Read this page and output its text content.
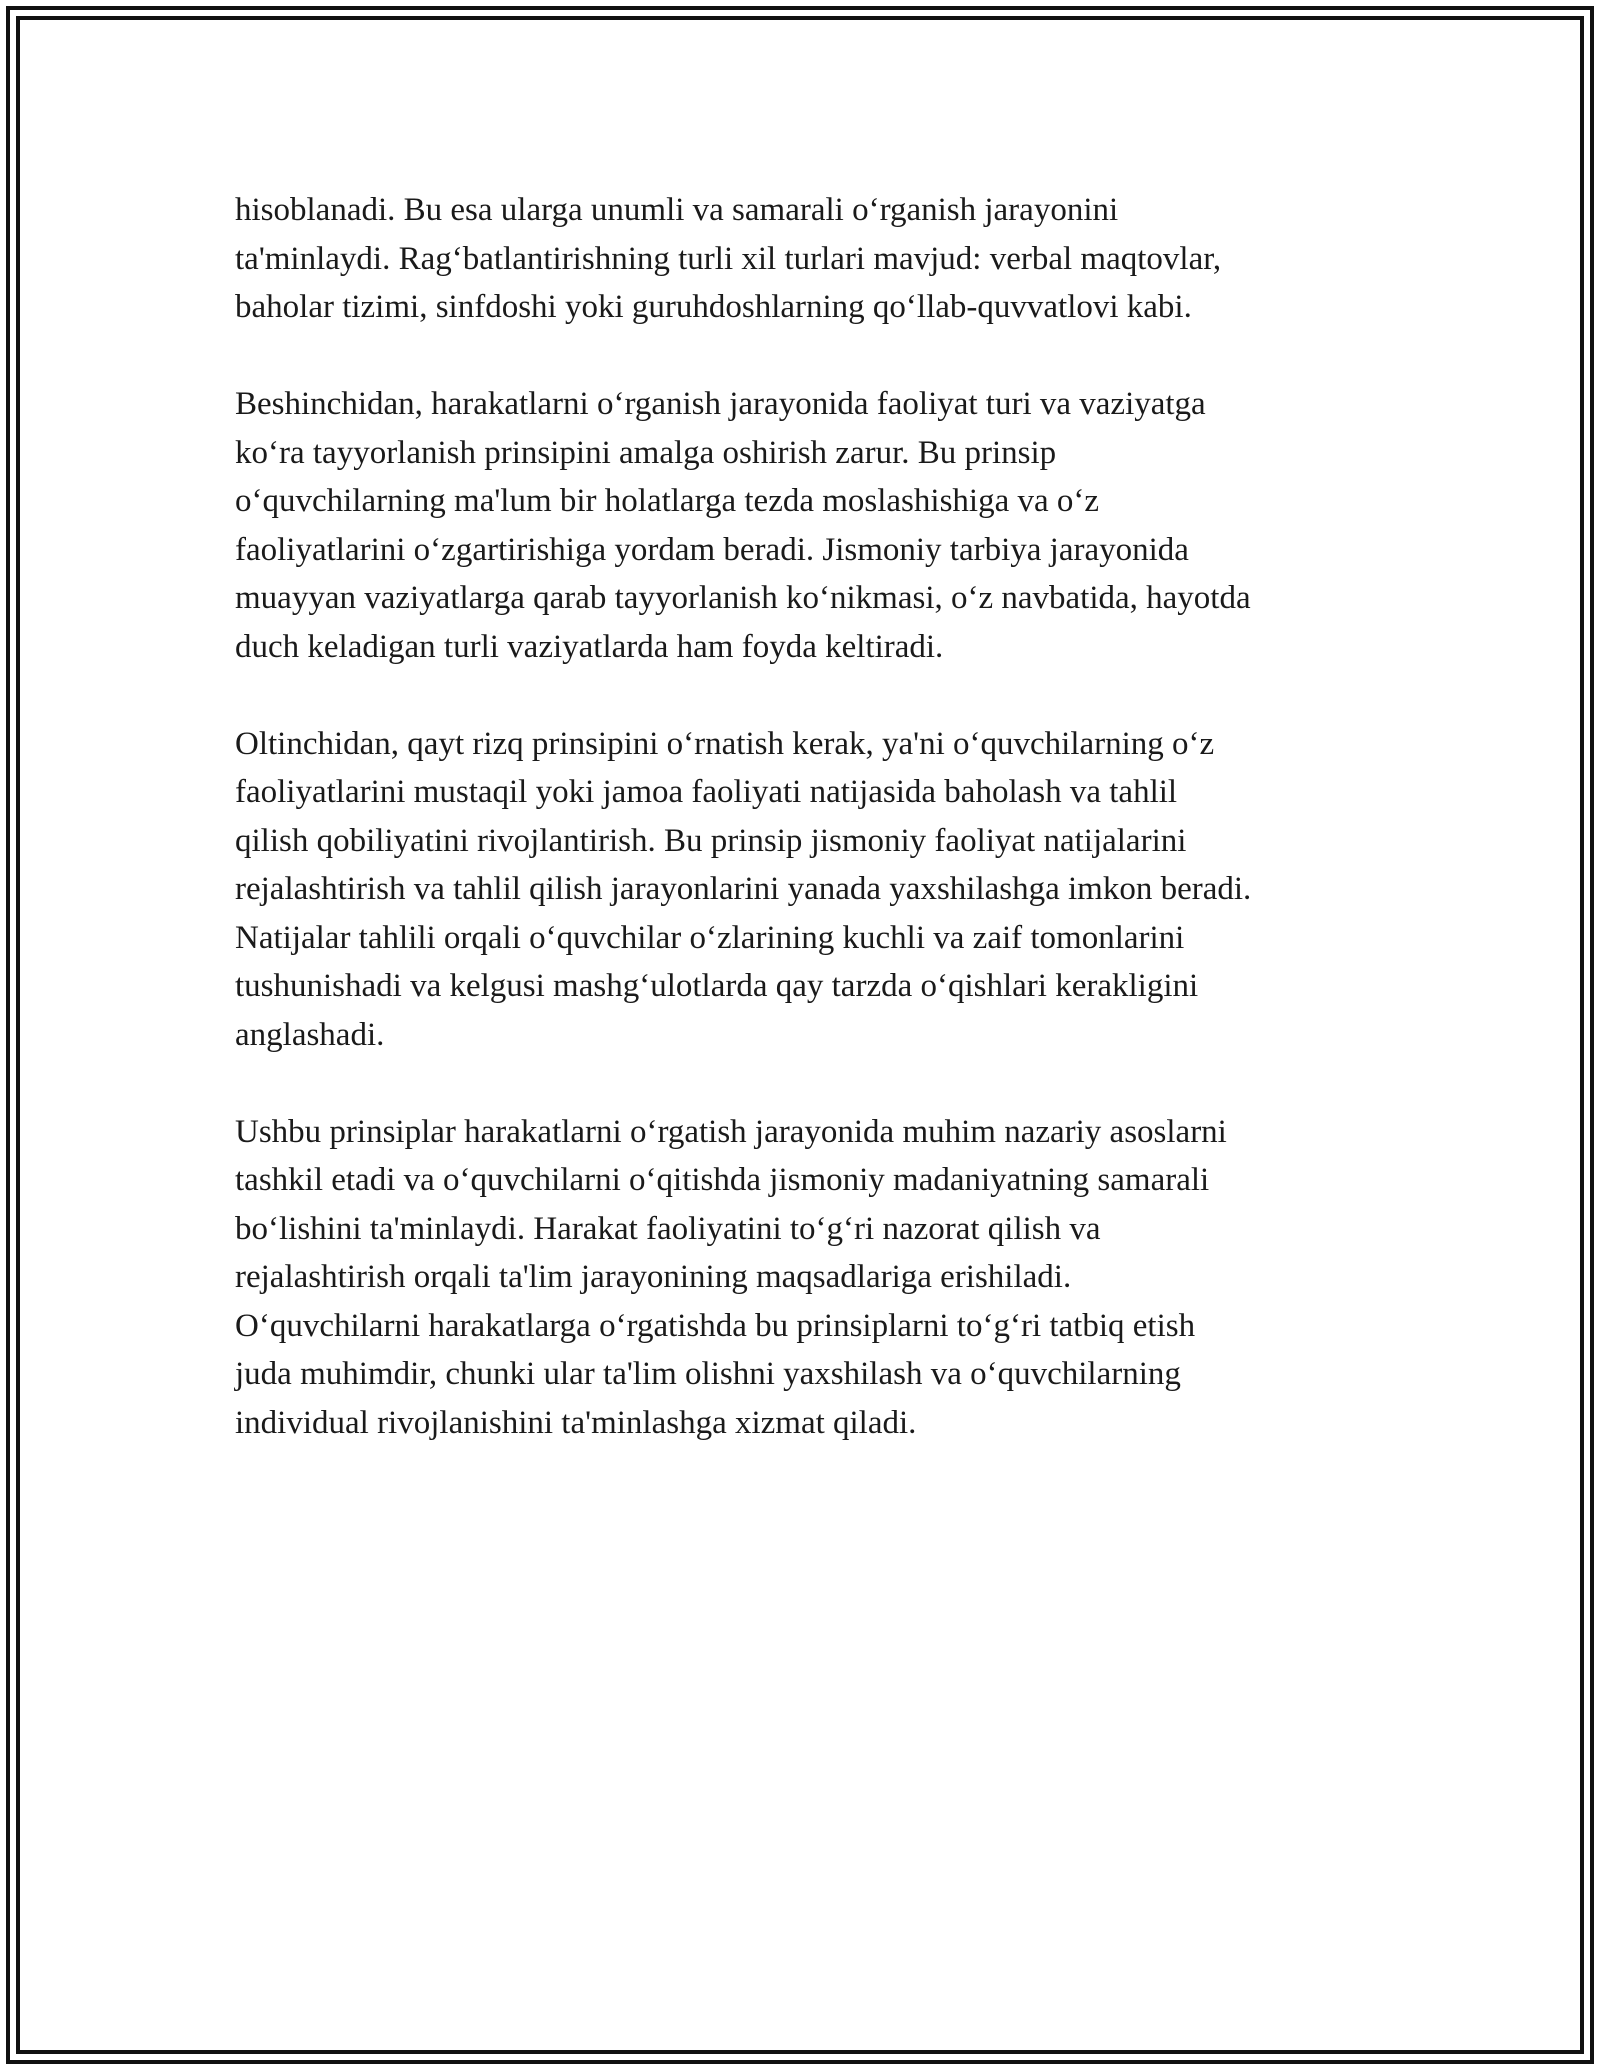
hisoblanadi. Bu esa ularga unumli va samarali o‘rganish jarayonini
ta'minlaydi. Rag‘batlantirishning turli xil turlari mavjud: verbal maqtovlar,
baholar tizimi, sinfdoshi yoki guruhdoshlarning qo‘llab-quvvatlovi kabi.

Beshinchidan, harakatlarni o‘rganish jarayonida faoliyat turi va vaziyatga
ko‘ra tayyorlanish prinsipini amalga oshirish zarur. Bu prinsip
o‘quvchilarning ma'lum bir holatlarga tezda moslashishiga va o‘z
faoliyatlarini o‘zgartirishiga yordam beradi. Jismoniy tarbiya jarayonida
muayyan vaziyatlarga qarab tayyorlanish ko‘nikmasi, o‘z navbatida, hayotda
duch keladigan turli vaziyatlarda ham foyda keltiradi.

Oltinchidan, qayt rizq prinsipini o‘rnatish kerak, ya'ni o‘quvchilarning o‘z
faoliyatlarini mustaqil yoki jamoa faoliyati natijasida baholash va tahlil
qilish qobiliyatini rivojlantirish. Bu prinsip jismoniy faoliyat natijalarini
rejalashtirish va tahlil qilish jarayonlarini yanada yaxshilashga imkon beradi.
Natijalar tahlili orqali o‘quvchilar o‘zlarining kuchli va zaif tomonlarini
tushunishadi va kelgusi mashg‘ulotlarda qay tarzda o‘qishlari kerakligini
anglashadi.

Ushbu prinsiplar harakatlarni o‘rgatish jarayonida muhim nazariy asoslarni
tashkil etadi va o‘quvchilarni o‘qitishda jismoniy madaniyatning samarali
bo‘lishini ta'minlaydi. Harakat faoliyatini to‘g‘ri nazorat qilish va
rejalashtirish orqali ta'lim jarayonining maqsadlariga erishiladi.
O‘quvchilarni harakatlarga o‘rgatishda bu prinsiplarni to‘g‘ri tatbiq etish
juda muhimdir, chunki ular ta'lim olishni yaxshilash va o‘quvchilarning
individual rivojlanishini ta'minlashga xizmat qiladi.
